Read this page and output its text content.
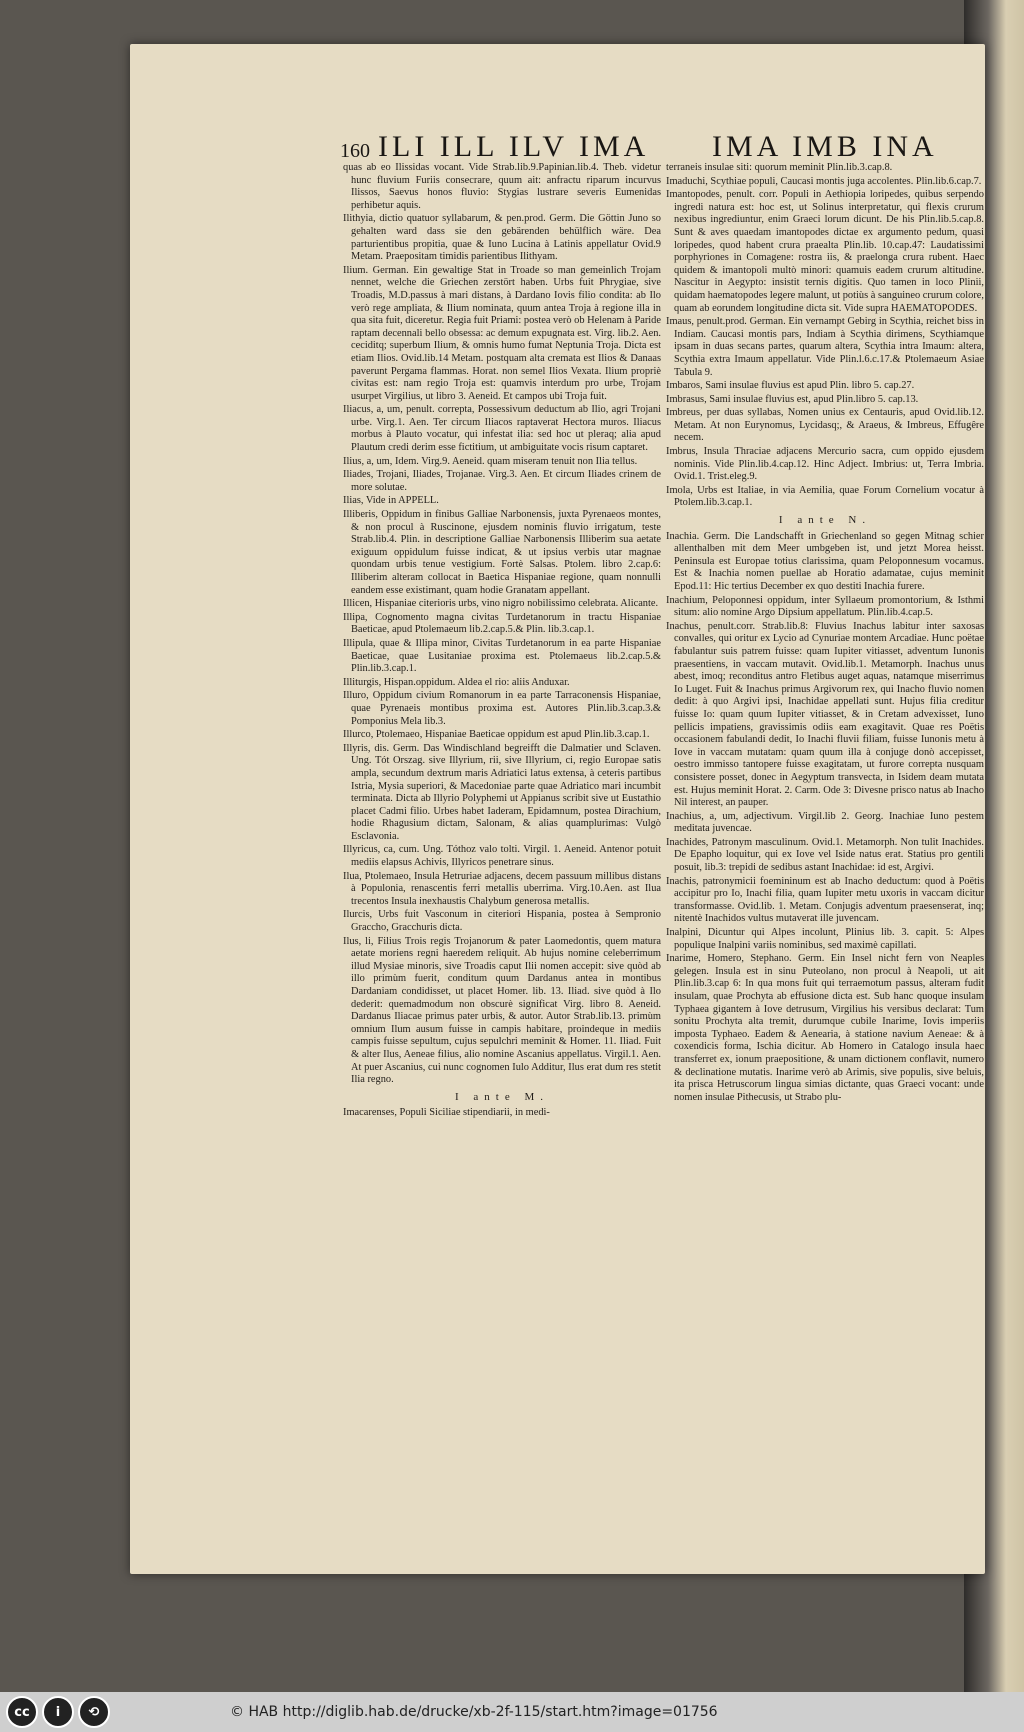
160 ILI ILL ILV IMA IMA IMB INA

quas ab eo Ilissidas vocant. Vide Strab.lib.9.Papinian.lib.4. Theb. videtur hunc fluvium Furiis consecrare, quum ait: anfractu riparum incurvus Ilissos, Saevus honos fluvio: Stygias lustrare severis Eumenidas perhibetur aquis.

Ilithyia, dictio quatuor syllabarum, & pen.prod. Germ. Die Göttin Juno so gehalten ward dass sie den gebärenden behülflich wäre. Dea parturientibus propitia, quae & Iuno Lucina à Latinis appellatur Ovid.9 Metam. Praepositam timidis parientibus Ilithyam.

Ilium. German. Ein gewaltige Stat in Troade so man gemeinlich Trojam nennet, welche die Griechen zerstört haben. Urbs fuit Phrygiae, sive Troadis, M.D.passus à mari distans, à Dardano Iovis filio condita: ab Ilo verò rege ampliata, & Ilium nominata, quum antea Troja à regione illa in qua sita fuit, diceretur. Regia fuit Priami: postea verò ob Helenam à Paride raptam decennali bello obsessa: ac demum expugnata est. Virg. lib.2. Aen. ceciditq; superbum Ilium, & omnis humo fumat Neptunia Troja. Dicta est etiam Ilios. Ovid.lib.14 Metam. postquam alta cremata est Ilios & Danaas paverunt Pergama flammas. Horat. non semel Ilios Vexata. Ilium propriè civitas est: nam regio Troja est: quamvis interdum pro urbe, Trojam usurpet Virgilius, ut libro 3. Aeneid. Et campos ubi Troja fuit.

Iliacus, a, um, penult. correpta, Possessivum deductum ab Ilio, agri Trojani urbe. Virg.1. Aen. Ter circum Iliacos raptaverat Hectora muros. Iliacus morbus à Plauto vocatur, qui infestat ilia: sed hoc ut pleraq; alia apud Plautum credi derim esse fictitium, ut ambiguitate vocis risum captaret.

Ilius, a, um, Idem. Virg.9. Aeneid. quam miseram tenuit non Ilia tellus.

Iliades, Trojani, Iliades, Trojanae. Virg.3. Aen. Et circum Iliades crinem de more solutae.

Ilias, Vide in APPELL.

Illiberis, Oppidum in finibus Galliae Narbonensis, juxta Pyrenaeos montes, & non procul à Ruscinone, ejusdem nominis fluvio irrigatum, teste Strab.lib.4. Plin. in descriptione Galliae Narbonensis Illiberim sua aetate exiguum oppidulum fuisse indicat, & ut ipsius verbis utar magnae quondam urbis tenue vestigium. Fortè Salsas. Ptolem. libro 2.cap.6: Illiberim alteram collocat in Baetica Hispaniae regione, quam nonnulli eandem esse existimant, quam hodie Granatam appellant.

Illicen, Hispaniae citerioris urbs, vino nigro nobilissimo celebrata. Alicante.

Illipa, Cognomento magna civitas Turdetanorum in tractu Hispaniae Baeticae, apud Ptolemaeum lib.2.cap.5.& Plin. lib.3.cap.1.

Illipula, quae & Illipa minor, Civitas Turdetanorum in ea parte Hispaniae Baeticae, quae Lusitaniae proxima est. Ptolemaeus lib.2.cap.5.& Plin.lib.3.cap.1.

Illiturgis, Hispan.oppidum. Aldea el rio: aliis Anduxar.

Illuro, Oppidum civium Romanorum in ea parte Tarraconensis Hispaniae, quae Pyrenaeis montibus proxima est. Autores Plin.lib.3.cap.3.& Pomponius Mela lib.3.

Illurco, Ptolemaeo, Hispaniae Baeticae oppidum est apud Plin.lib.3.cap.1.

Illyris, dis. Germ. Das Windischland begreifft die Dalmatier und Sclaven. Ung. Tót Orszag. sive Illyrium, rii, sive Illyrium, ci, regio Europae satis ampla, secundum dextrum maris Adriatici latus extensa, à ceteris partibus Istria, Mysia superiori, & Macedoniae parte quae Adriatico mari incumbit terminata. Dicta ab Illyrio Polyphemi ut Appianus scribit sive ut Eustathio placet Cadmi filio. Urbes habet Iaderam, Epidamnum, postea Dirachium, hodie Rhagusium dictam, Salonam, & alias quamplurimas: Vulgò Esclavonia.

Illyricus, ca, cum. Ung. Tóthoz valo tolti. Virgil. 1. Aeneid. Antenor potuit mediis elapsus Achivis, Illyricos penetrare sinus.

Ilua, Ptolemaeo, Insula Hetruriae adjacens, decem passuum millibus distans à Populonia, renascentis ferri metallis uberrima. Virg.10.Aen. ast Ilua trecentos Insula inexhaustis Chalybum generosa metallis.

Ilurcis, Urbs fuit Vasconum in citeriori Hispania, postea à Sempronio Graccho, Gracchuris dicta.

Ilus, li, Filius Trois regis Trojanorum & pater Laomedontis, quem matura aetate moriens regni haeredem reliquit. Ab hujus nomine celeberrimum illud Mysiae minoris, sive Troadis caput Ilii nomen accepit: sive quòd ab illo primùm fuerit, conditum quum Dardanus antea in montibus Dardaniam condidisset, ut placet Homer. lib. 13. Iliad. sive quòd à Ilo dederit: quemadmodum non obscurè significat Virg. libro 8. Aeneid. Dardanus Iliacae primus pater urbis, & autor. Autor Strab.lib.13. primùm omnium Ilum ausum fuisse in campis habitare, proindeque in mediis campis fuisse sepultum, cujus sepulchri meminit & Homer. 11. Iliad. Fuit & alter Ilus, Aeneae filius, alio nomine Ascanius appellatus. Virgil.1. Aen. At puer Ascanius, cui nunc cognomen Iulo Additur, Ilus erat dum res stetit Ilia regno.

I ante M.

Imacarenses, Populi Siciliae stipendiarii, in medi-

terraneis insulae siti: quorum meminit Plin.lib.3.cap.8.

Imaduchi, Scythiae populi, Caucasi montis juga accolentes. Plin.lib.6.cap.7.

Imantopodes, penult. corr. Populi in Aethiopia loripedes, quibus serpendo ingredi natura est: hoc est, ut Solinus interpretatur, qui flexis crurum nexibus ingrediuntur, enim Graeci lorum dicunt. De his Plin.lib.5.cap.8. Sunt & aves quaedam imantopodes dictae ex argumento pedum, quasi loripedes, quod habent crura praealta Plin.lib. 10.cap.47: Laudatissimi porphyriones in Comagene: rostra iis, & praelonga crura rubent. Haec quidem & imantopoli multò minori: quamuis eadem crurum altitudine. Nascitur in Aegypto: insistit ternis digitis. Quo tamen in loco Plinii, quidam haematopodes legere malunt, ut potiùs à sanguineo crurum colore, quam ab eorundem longitudine dicta sit. Vide supra HAEMATOPODES.

Imaus, penult.prod. German. Ein vernampt Gebirg in Scythia, reichet biss in Indiam. Caucasi montis pars, Indiam à Scythia dirimens, Scythiamque ipsam in duas secans partes, quarum altera, Scythia intra Imaum: altera, Scythia extra Imaum appellatur. Vide Plin.l.6.c.17.& Ptolemaeum Asiae Tabula 9.

Imbaros, Sami insulae fluvius est apud Plin. libro 5. cap.27.

Imbrasus, Sami insulae fluvius est, apud Plin.libro 5. cap.13.

Imbreus, per duas syllabas, Nomen unius ex Centauris, apud Ovid.lib.12. Metam. At non Eurynomus, Lycidasq;, & Araeus, & Imbreus, Effugêre necem.

Imbrus, Insula Thraciae adjacens Mercurio sacra, cum oppido ejusdem nominis. Vide Plin.lib.4.cap.12. Hinc Adject. Imbrius: ut, Terra Imbria. Ovid.1. Trist.eleg.9.

Imola, Urbs est Italiae, in via Aemilia, quae Forum Cornelium vocatur à Ptolem.lib.3.cap.1.

I ante N.

Inachia. Germ. Die Landschafft in Griechenland so gegen Mitnag schier allenthalben mit dem Meer umbgeben ist, und jetzt Morea heisst. Peninsula est Europae totius clarissima, quam Peloponnesum vocamus. Est & Inachia nomen puellae ab Horatio adamatae, cujus meminit Epod.11: Hic tertius December ex quo destiti Inachia furere.

Inachium, Peloponnesi oppidum, inter Syllaeum promontorium, & Isthmi situm: alio nomine Argo Dipsium appellatum. Plin.lib.4.cap.5.

Inachus, penult.corr. Strab.lib.8: Fluvius Inachus labitur inter saxosas convalles, qui oritur ex Lycio ad Cynuriae montem Arcadiae. Hunc poëtae fabulantur suis patrem fuisse: quam Iupiter vitiasset, adventum Iunonis praesentiens, in vaccam mutavit. Ovid.lib.1. Metamorph. Inachus unus abest, imoq; reconditus antro Fletibus auget aquas, natamque miserrimus Io Luget. Fuit & Inachus primus Argivorum rex, qui Inacho fluvio nomen dedit: à quo Argivi ipsi, Inachidae appellati sunt. Hujus filia creditur fuisse Io: quam quum Iupiter vitiasset, & in Cretam advexisset, Iuno pellicis impatiens, gravissimis odiis eam exagitavit. Quae res Poëtis occasionem fabulandi dedit, Io Inachi fluvii filiam, fuisse Iunonis metu à Iove in vaccam mutatam: quam quum illa à conjuge donò accepisset, oestro immisso tantopere fuisse exagitatam, ut furore correpta nusquam consistere posset, donec in Aegyptum transvecta, in Isidem deam mutata est. Hujus meminit Horat. 2. Carm. Ode 3: Divesne prisco natus ab Inacho Nil interest, an pauper.

Inachius, a, um, adjectivum. Virgil.lib 2. Georg. Inachiae Iuno pestem meditata juvencae.

Inachides, Patronym masculinum. Ovid.1. Metamorph. Non tulit Inachides. De Epapho loquitur, qui ex Iove vel Iside natus erat. Statius pro gentili posuit, lib.3: trepidi de sedibus astant Inachidae: id est, Argivi.

Inachis, patronymicii foemininum est ab Inacho deductum: quod à Poëtis accipitur pro Io, Inachi filia, quam Iupiter metu uxoris in vaccam dicitur transformasse. Ovid.lib. 1. Metam. Conjugis adventum praesenserat, inq; nitentè Inachidos vultus mutaverat ille juvencam.

Inalpini, Dicuntur qui Alpes incolunt, Plinius lib. 3. capit. 5: Alpes populique Inalpini variis nominibus, sed maximè capillati.

Inarime, Homero, Stephano. Germ. Ein Insel nicht fern von Neaples gelegen. Insula est in sinu Puteolano, non procul à Neapoli, ut ait Plin.lib.3.cap 6: In qua mons fuit qui terraemotum passus, alteram fudit insulam, quae Prochyta ab effusione dicta est. Sub hanc quoque insulam Typhaea gigantem à Iove detrusum, Virgilius his versibus declarat: Tum sonitu Prochyta alta tremit, durumque cubile Inarime, Iovis imperiis imposta Typhaeo. Eadem & Aenearia, à statione navium Aeneae: & à coxendicis forma, Ischia dicitur. Ab Homero in Catalogo insula haec transferret ex, ionum praepositione, & unam dictionem conflavit, numero & declinatione mutatis. Inarime verò ab Arimis, sive populis, sive beluis, ita prisca Hetruscorum lingua simias dictante, quas Graeci vocant: unde nomen insulae Pithecusis, ut Strabo plu-

cc	i	⟲	© HAB http://diglib.hab.de/drucke/xb-2f-115/start.htm?image=01756
